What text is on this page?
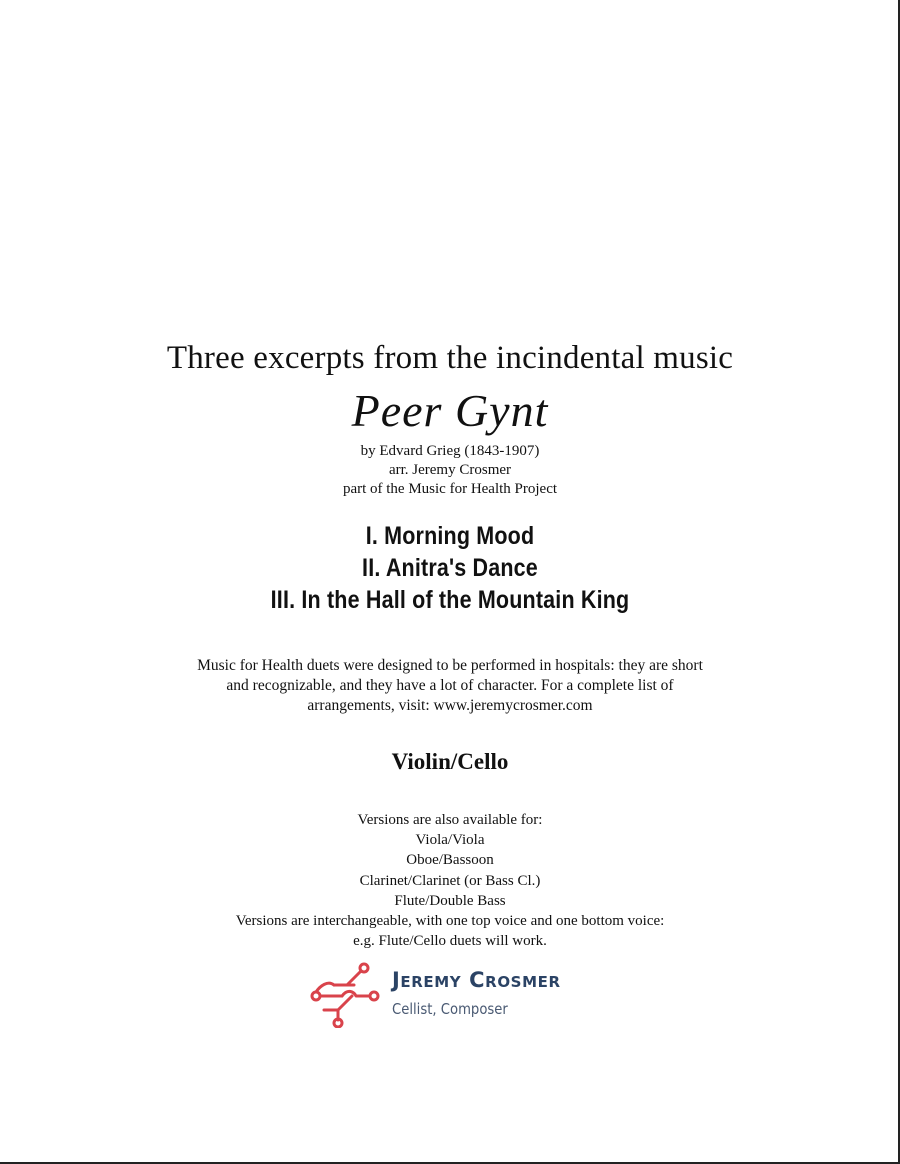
Three excerpts from the incindental music
Peer Gynt
by Edvard Grieg (1843-1907)
arr. Jeremy Crosmer
part of the Music for Health Project
I. Morning Mood
II. Anitra's Dance
III. In the Hall of the Mountain King
Music for Health duets were designed to be performed in hospitals: they are short
and recognizable, and they have a lot of character. For a complete list of
arrangements, visit: www.jeremycrosmer.com
Violin/Cello
Versions are also available for:
Viola/Viola
Oboe/Bassoon
Clarinet/Clarinet (or Bass Cl.)
Flute/Double Bass
Versions are interchangeable, with one top voice and one bottom voice:
e.g. Flute/Cello duets will work.
Jeremy Crosmer
Cellist, Composer
